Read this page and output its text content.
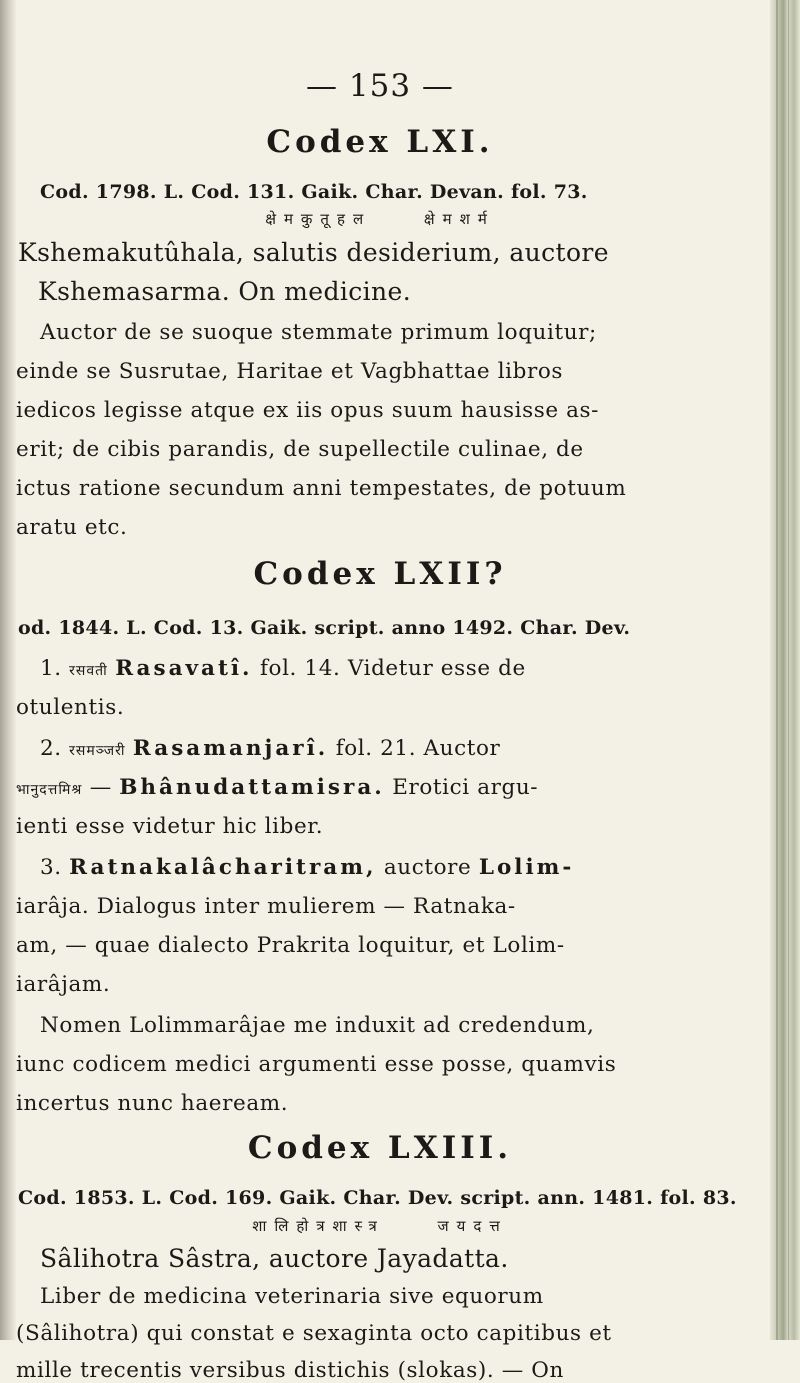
— 153 —
Codex LXI.
Cod. 1798. L. Cod. 131. Gaik. Char. Devan. fol. 73.
क्षेमकुतूहल	क्षेमशर्म
Kshemakutûhala, salutis desiderium, auctore
Kshemasarma. On medicine.
Auctor de se suoque stemmate primum loquitur;
einde se Susrutae, Haritae et Vagbhattae libros
iedicos legisse atque ex iis opus suum hausisse as-
erit; de cibis parandis, de supellectile culinae, de
ictus ratione secundum anni tempestates, de potuum
aratu etc.
Codex LXII?
od. 1844. L. Cod. 13. Gaik. script. anno 1492. Char. Dev.
1. रसवती Rasavatî. fol. 14. Videtur esse de
otulentis.
2. रसमञ्जरी Rasamanjarî. fol. 21. Auctor
भानुदत्तमिश्र — Bhânudattamisra. Erotici argu-
ienti esse videtur hic liber.
3. Ratnakalâcharitram, auctore Lolim-
iarâja. Dialogus inter mulierem — Ratnaka-
am, — quae dialecto Prakrita loquitur, et Lolim-
iarâjam.
Nomen Lolimmarâjae me induxit ad credendum,
iunc codicem medici argumenti esse posse, quamvis
incertus nunc haeream.
Codex LXIII.
Cod. 1853. L. Cod. 169. Gaik. Char. Dev. script. ann. 1481. fol. 83.
शालिहोत्रशास्त्र	जयदत्त
Sâlihotra Sâstra, auctore Jayadatta.
Liber de medicina veterinaria sive equorum
(Sâlihotra) qui constat e sexaginta octo capitibus et
mille trecentis versibus distichis (slokas). — On
